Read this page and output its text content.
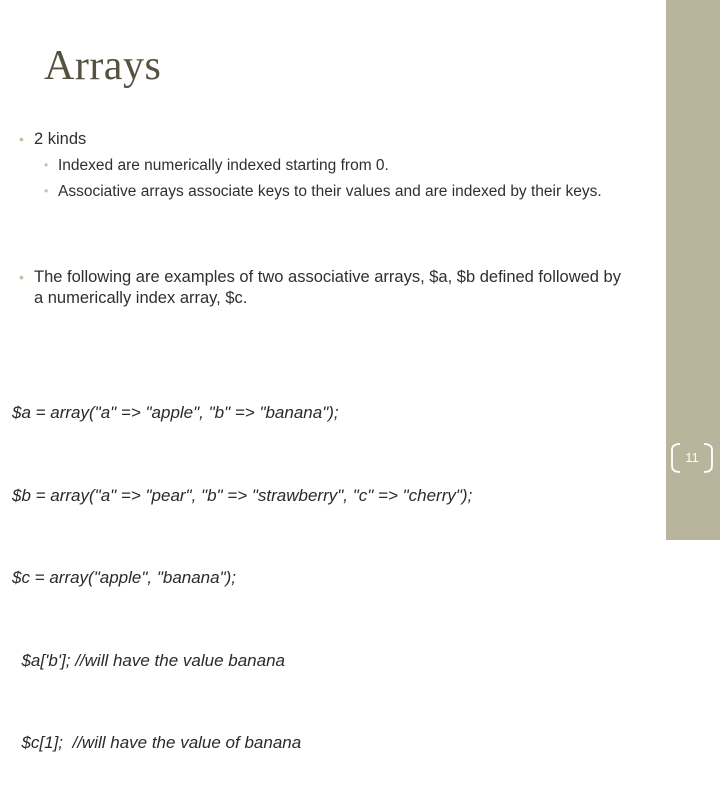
Arrays
• 2 kinds
• Indexed are numerically indexed starting from 0.
• Associative arrays associate keys to their values and are indexed by their keys.
• The following are examples of two associative arrays, $a, $b defined followed by a numerically index array, $c.

$a = array("a" => "apple", "b" => "banana");

$b = array("a" => "pear", "b" => "strawberry", "c" => "cherry");

$c = array("apple", "banana");

$a['b']; //will have the value banana

$c[1];  //will have the value of banana

11
